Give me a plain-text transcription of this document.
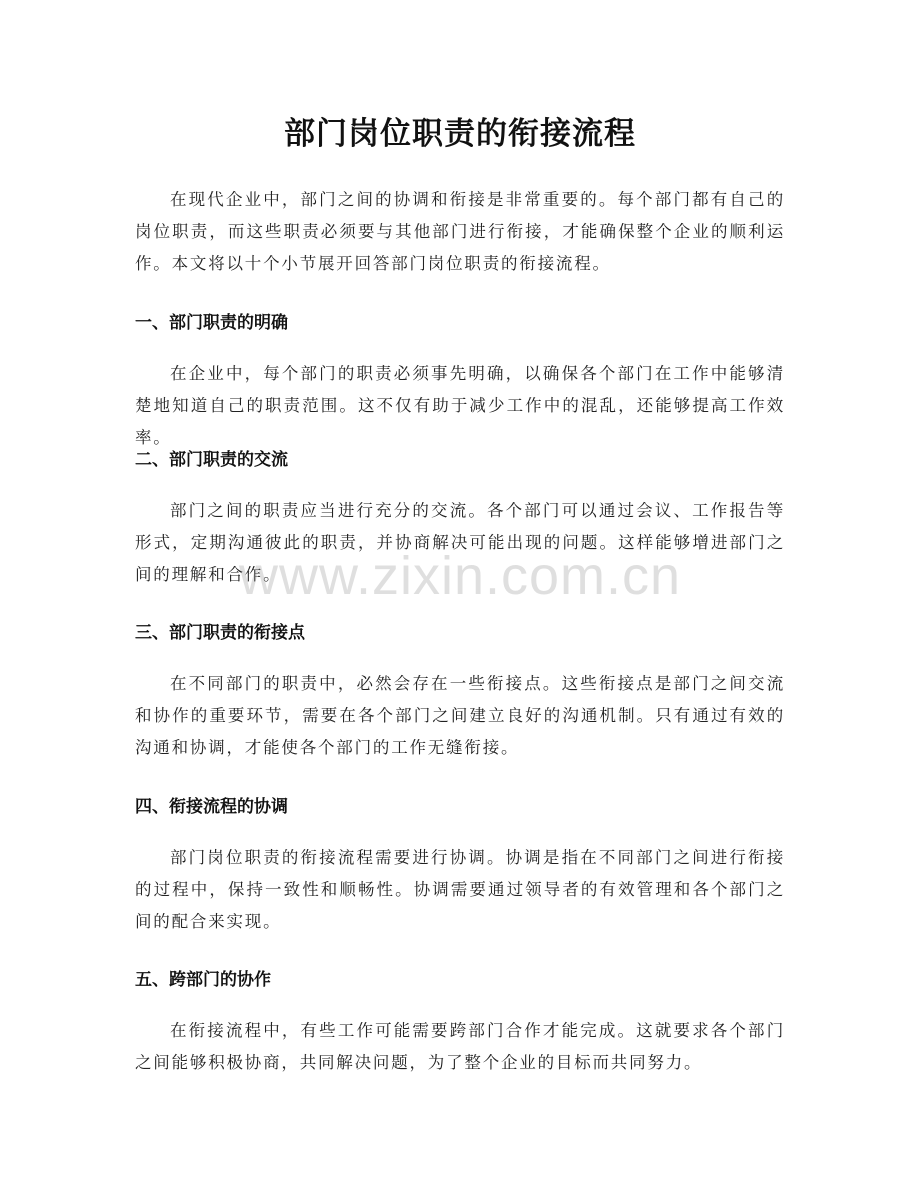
部门岗位职责的衔接流程

在现代企业中，部门之间的协调和衔接是非常重要的。每个部门都有自己的岗位职责，而这些职责必须要与其他部门进行衔接，才能确保整个企业的顺利运作。本文将以十个小节展开回答部门岗位职责的衔接流程。

一、部门职责的明确

在企业中，每个部门的职责必须事先明确，以确保各个部门在工作中能够清楚地知道自己的职责范围。这不仅有助于减少工作中的混乱，还能够提高工作效率。

二、部门职责的交流

部门之间的职责应当进行充分的交流。各个部门可以通过会议、工作报告等形式，定期沟通彼此的职责，并协商解决可能出现的问题。这样能够增进部门之间的理解和合作。

三、部门职责的衔接点

在不同部门的职责中，必然会存在一些衔接点。这些衔接点是部门之间交流和协作的重要环节，需要在各个部门之间建立良好的沟通机制。只有通过有效的沟通和协调，才能使各个部门的工作无缝衔接。

四、衔接流程的协调

部门岗位职责的衔接流程需要进行协调。协调是指在不同部门之间进行衔接的过程中，保持一致性和顺畅性。协调需要通过领导者的有效管理和各个部门之间的配合来实现。

五、跨部门的协作

在衔接流程中，有些工作可能需要跨部门合作才能完成。这就要求各个部门之间能够积极协商，共同解决问题，为了整个企业的目标而共同努力。

www.zixin.com.cn
